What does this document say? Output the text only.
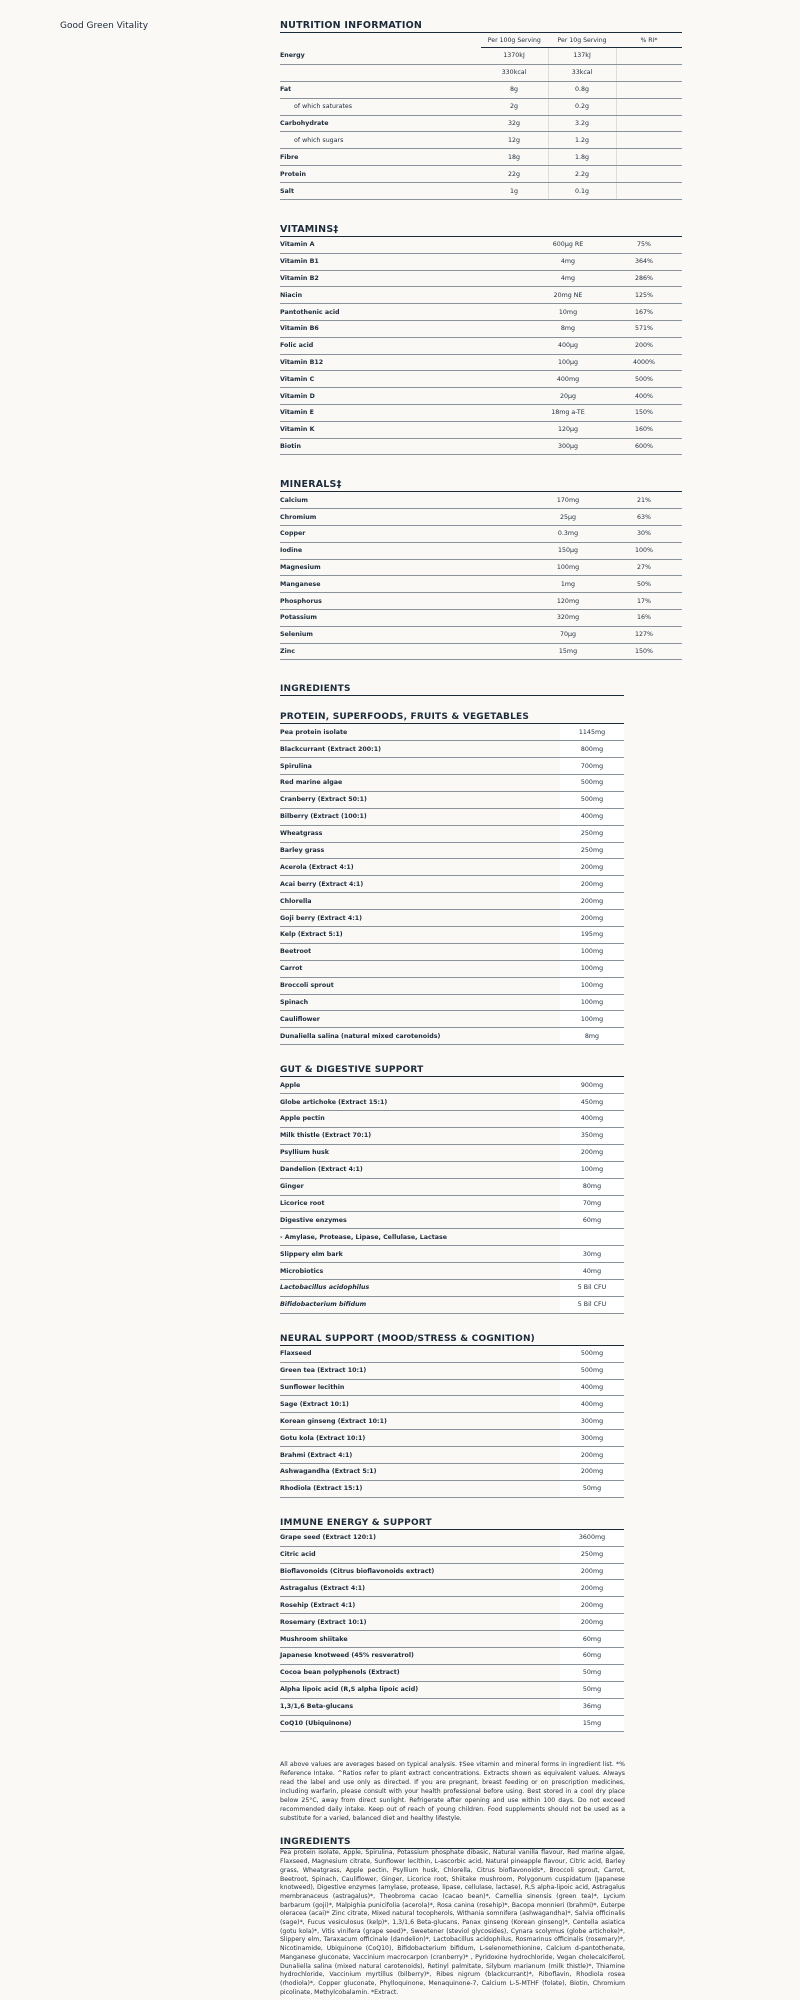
Good Green Vitality	NUTRITION INFORMATION
	Per 100g Serving	Per 10g Serving	% RI*
Energy	1370kJ	137kJ	
	330kcal	33kcal	
Fat	8g	0.8g	
of which saturates	2g	0.2g	
Carbohydrate	32g	3.2g	
of which sugars	12g	1.2g	
Fibre	18g	1.8g	
Protein	22g	2.2g	
Salt	1g	0.1g	
VITAMINS‡
Vitamin A	600µg RE	75%
Vitamin B1	4mg	364%
Vitamin B2	4mg	286%
Niacin	20mg NE	125%
Pantothenic acid	10mg	167%
Vitamin B6	8mg	571%
Folic acid	400µg	200%
Vitamin B12	100µg	4000%
Vitamin C	400mg	500%
Vitamin D	20µg	400%
Vitamin E	18mg a-TE	150%
Vitamin K	120µg	160%
Biotin	300µg	600%
MINERALS‡
Calcium	170mg	21%
Chromium	25µg	63%
Copper	0.3mg	30%
Iodine	150µg	100%
Magnesium	100mg	27%
Manganese	1mg	50%
Phosphorus	120mg	17%
Potassium	320mg	16%
Selenium	70µg	127%
Zinc	15mg	150%
INGREDIENTS
PROTEIN, SUPERFOODS, FRUITS & VEGETABLES
Pea protein isolate	1145mg
Blackcurrant (Extract 200:1)	800mg
Spirulina	700mg
Red marine algae	500mg
Cranberry (Extract 50:1)	500mg
Bilberry (Extract (100:1)	400mg
Wheatgrass	250mg
Barley grass	250mg
Acerola (Extract 4:1)	200mg
Acai berry (Extract 4:1)	200mg
Chlorella	200mg
Goji berry (Extract 4:1)	200mg
Kelp (Extract 5:1)	195mg
Beetroot	100mg
Carrot	100mg
Broccoli sprout	100mg
Spinach	100mg
Cauliflower	100mg
Dunaliella salina (natural mixed carotenoids)	8mg
GUT & DIGESTIVE SUPPORT
Apple	900mg
Globe artichoke (Extract 15:1)	450mg
Apple pectin	400mg
Milk thistle (Extract 70:1)	350mg
Psyllium husk	200mg
Dandelion (Extract 4:1)	100mg
Ginger	80mg
Licorice root	70mg
Digestive enzymes	60mg
- Amylase, Protease, Lipase, Cellulase, Lactase	
Slippery elm bark	30mg
Microbiotics	40mg
Lactobacillus acidophilus	5 Bil CFU
Bifidobacterium bifidum	5 Bil CFU
NEURAL SUPPORT (MOOD/STRESS & COGNITION)
Flaxseed	500mg
Green tea (Extract 10:1)	500mg
Sunflower lecithin	400mg
Sage (Extract 10:1)	400mg
Korean ginseng (Extract 10:1)	300mg
Gotu kola (Extract 10:1)	300mg
Brahmi (Extract 4:1)	200mg
Ashwagandha (Extract 5:1)	200mg
Rhodiola (Extract 15:1)	50mg
IMMUNE ENERGY & SUPPORT
Grape seed (Extract 120:1)	3600mg
Citric acid	250mg
Bioflavonoids (Citrus bioflavonoids extract)	200mg
Astragalus (Extract 4:1)	200mg
Rosehip (Extract 4:1)	200mg
Rosemary (Extract 10:1)	200mg
Mushroom shiitake	60mg
Japanese knotweed (45% resveratrol)	60mg
Cocoa bean polyphenols (Extract)	50mg
Alpha lipoic acid (R,S alpha lipoic acid)	50mg
1,3/1,6 Beta-glucans	36mg
CoQ10 (Ubiquinone)	15mg

All above values are averages based on typical analysis. ‡See vitamin and mineral forms in ingredient list. *% Reference Intake. ^Ratios refer to plant extract concentrations. Extracts shown as equivalent values. Always read the label and use only as directed. If you are pregnant, breast feeding or on prescription medicines, including warfarin, please consult with your health professional before using. Best stored in a cool dry place below 25°C, away from direct sunlight. Refrigerate after opening and use within 100 days. Do not exceed recommended daily intake. Keep out of reach of young children. Food supplements should not be used as a substitute for a varied, balanced diet and healthy lifestyle.

INGREDIENTS

Pea protein isolate, Apple, Spirulina, Potassium phosphate dibasic, Natural vanilla flavour, Red marine algae, Flaxseed, Magnesium citrate, Sunflower lecithin, L-ascorbic acid, Natural pineapple flavour, Citric acid, Barley grass, Wheatgrass, Apple pectin, Psyllium husk, Chlorella, Citrus bioflavonoids*, Broccoli sprout, Carrot, Beetroot, Spinach, Cauliflower, Ginger, Licorice root, Shiitake mushroom, Polygonum cuspidatum (Japanese knotweed), Digestive enzymes (amylase, protease, lipase, cellulase, lactase), R,S alpha-lipoic acid, Astragalus membranaceus (astragalus)*, Theobroma cacao (cacao bean)*, Camellia sinensis (green tea)*, Lycium barbarum (goji)*, Malpighia punicifolia (acerola)*, Rosa canina (rosehip)*, Bacopa monnieri (brahmi)*, Euterpe oleracea (acai)* Zinc citrate, Mixed natural tocopherols, Withania somnifera (ashwagandha)*, Salvia officinalis (sage)*, Fucus vesiculosus (kelp)*, 1,3/1,6 Beta-glucans, Panax ginseng (Korean ginseng)*, Centella asiatica (gotu kola)*, Vitis vinifera (grape seed)*, Sweetener (steviol glycosides), Cynara scolymus (globe artichoke)*, Slippery elm, Taraxacum officinale (dandelion)*, Lactobacillus acidophilus, Rosmarinus officinalis (rosemary)*, Nicotinamide, Ubiquinone (CoQ10), Bifidobacterium bifidum, L-selenomethionine, Calcium d-pantothenate, Manganese gluconate, Vaccinium macrocarpon (cranberry)* , Pyridoxine hydrochloride, Vegan cholecalciferol, Dunaliella salina (mixed natural carotenoids), Retinyl palmitate, Silybum marianum (milk thistle)*, Thiamine hydrochloride, Vaccinium myrtillus (bilberry)*, Ribes nigrum (blackcurrant)*, Riboflavin, Rhodiola rosea (rhodiola)*, Copper gluconate, Phylloquinone, Menaquinone-7, Calcium L-5-MTHF (folate), Biotin, Chromium picolinate, Methylcobalamin. *Extract.
